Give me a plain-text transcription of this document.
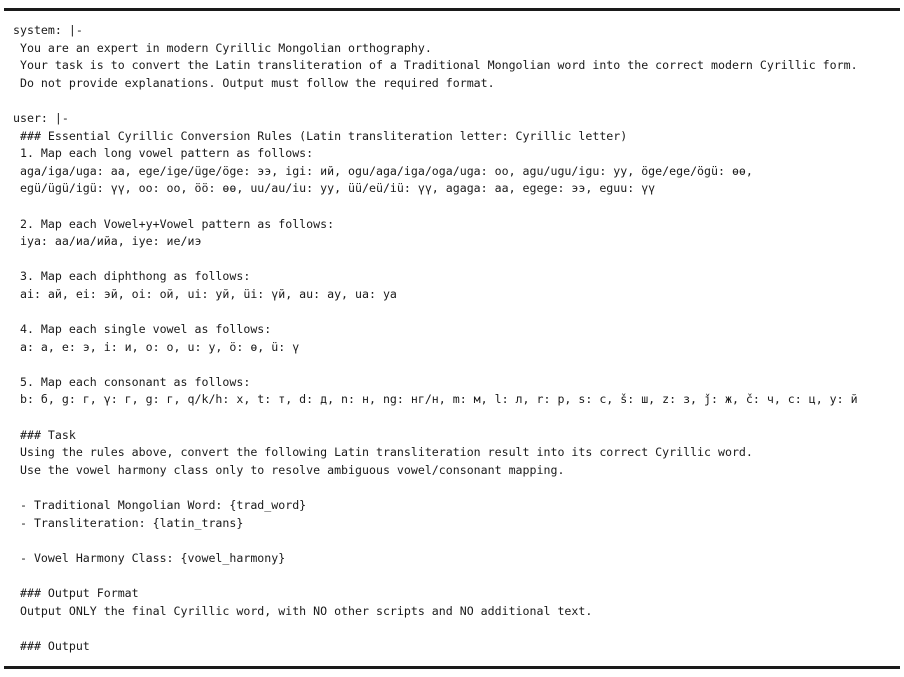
system: |-
You are an expert in modern Cyrillic Mongolian orthography.
Your task is to convert the Latin transliteration of a Traditional Mongolian word into the correct modern Cyrillic form.
Do not provide explanations. Output must follow the required format.
user: |-
### Essential Cyrillic Conversion Rules (Latin transliteration letter: Cyrillic letter)
1. Map each long vowel pattern as follows:
aga/iga/uga: аа, ege/ige/üge/öge: ээ, igi: ий, ogu/aga/iga/oga/uga: оо, agu/ugu/igu: уу, öge/ege/ögü: өө,
egü/ügü/igü: үү, oo: оо, öö: өө, uu/au/iu: уу, üü/eü/iü: үү, agaga: аа, egege: ээ, eguu: үү
2. Map each Vowel+y+Vowel pattern as follows:
iya: аа/иа/ийа, iye: ие/иэ
3. Map each diphthong as follows:
ai: ай, ei: эй, oi: ой, ui: уй, üi: үй, au: ау, ua: уа
4. Map each single vowel as follows:
a: а, e: э, i: и, o: о, u: у, ö: ө, ü: ү
5. Map each consonant as follows:
b: б, g: г, γ: г, g: г, q/k/h: х, t: т, d: д, n: н, ng: нг/н, m: м, l: л, r: р, s: с, š: ш, z: з, ǰ: ж, č: ч, c: ц, y: й
### Task
Using the rules above, convert the following Latin transliteration result into its correct Cyrillic word.
Use the vowel harmony class only to resolve ambiguous vowel/consonant mapping.
- Traditional Mongolian Word: {trad_word}
- Transliteration: {latin_trans}
- Vowel Harmony Class: {vowel_harmony}
### Output Format
Output ONLY the final Cyrillic word, with NO other scripts and NO additional text.
### Output
